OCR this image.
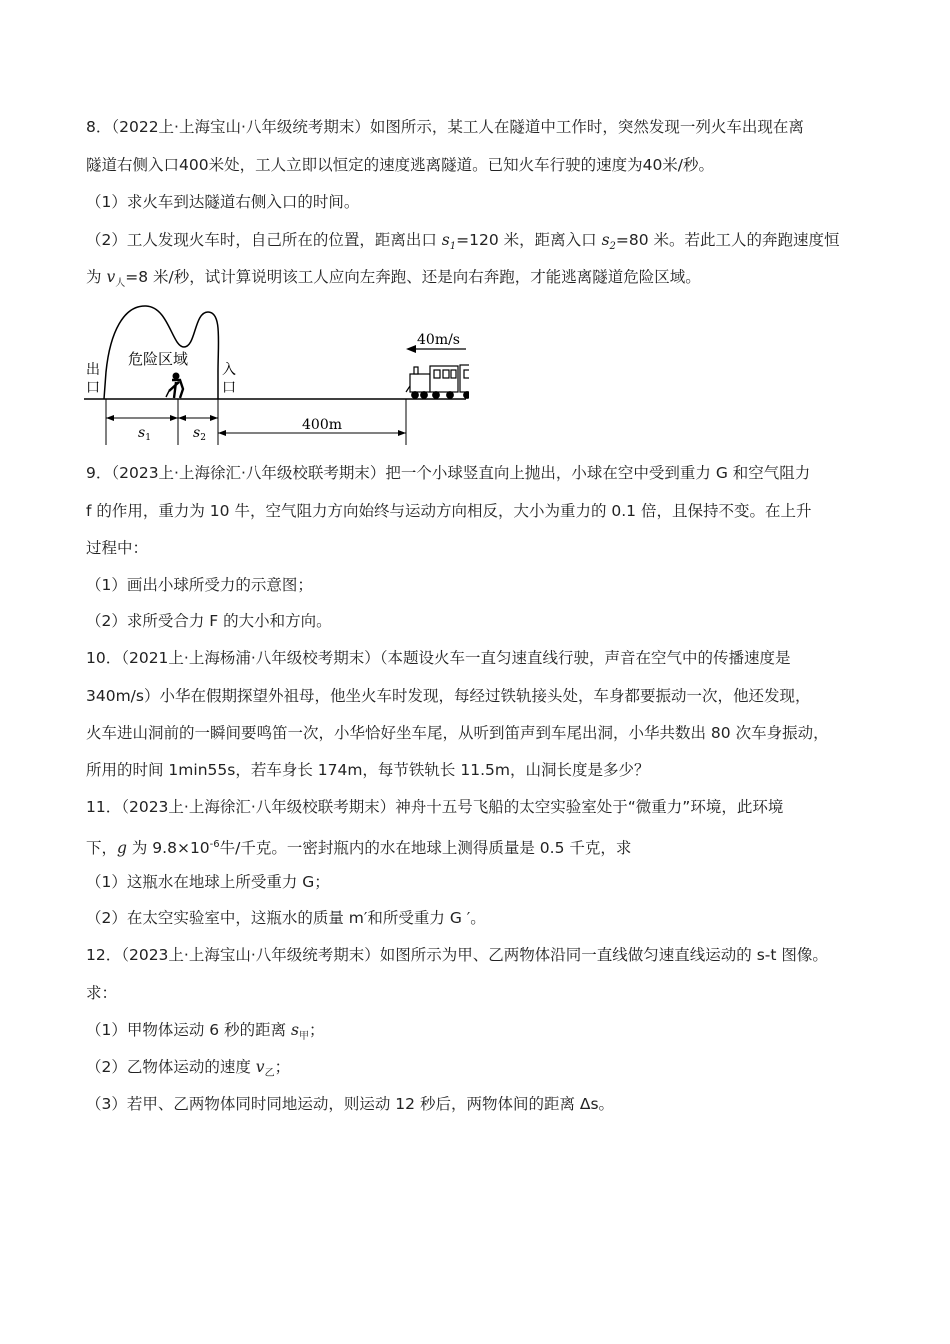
8．（2022上·上海宝山·八年级统考期末）如图所示，某工人在隧道中工作时，突然发现一列火车出现在离
隧道右侧入口400米处，工人立即以恒定的速度逃离隧道。已知火车行驶的速度为40米/秒。
（1）求火车到达隧道右侧入口的时间。
（2）工人发现火车时，自己所在的位置，距离出口 $s_1=120$ 米，距离入口 $s_2=80$ 米。若此工人的奔跑速度恒
为 $v_人=8$ 米/秒，试计算说明该工人应向左奔跑、还是向右奔跑，才能逃离隧道危险区域。
危险区域
出
口
入
口
40m/s
$s_1$	$s_2$
400m
9．（2023上·上海徐汇·八年级校联考期末）把一个小球竖直向上抛出，小球在空中受到重力 G 和空气阻力
f 的作用，重力为 10 牛，空气阻力方向始终与运动方向相反，大小为重力的 0.1 倍，且保持不变。在上升
过程中：
（1）画出小球所受力的示意图；
（2）求所受合力 F 的大小和方向。
10．（2021上·上海杨浦·八年级校考期末）（本题设火车一直匀速直线行驶，声音在空气中的传播速度是
340m/s）小华在假期探望外祖母，他坐火车时发现，每经过铁轨接头处，车身都要振动一次，他还发现，
火车进山洞前的一瞬间要鸣笛一次，小华恰好坐车尾，从听到笛声到车尾出洞，小华共数出 80 次车身振动，
所用的时间 1min55s，若车身长 174m，每节铁轨长 11.5m，山洞长度是多少？
11．（2023上·上海徐汇·八年级校联考期末）神舟十五号飞船的太空实验室处于“微重力”环境，此环境
下，g 为 $9.8\times 10^{-6}$牛/千克。一密封瓶内的水在地球上测得质量是 0.5 千克，求
（1）这瓶水在地球上所受重力 G；
（2）在太空实验室中，这瓶水的质量 m′和所受重力 G ′。
12．（2023上·上海宝山·八年级统考期末）如图所示为甲、乙两物体沿同一直线做匀速直线运动的 s-t 图像。
求：
（1）甲物体运动 6 秒的距离 $s_甲$；
（2）乙物体运动的速度 $v_乙$；
（3）若甲、乙两物体同时同地运动，则运动 12 秒后，两物体间的距离 Δs。
